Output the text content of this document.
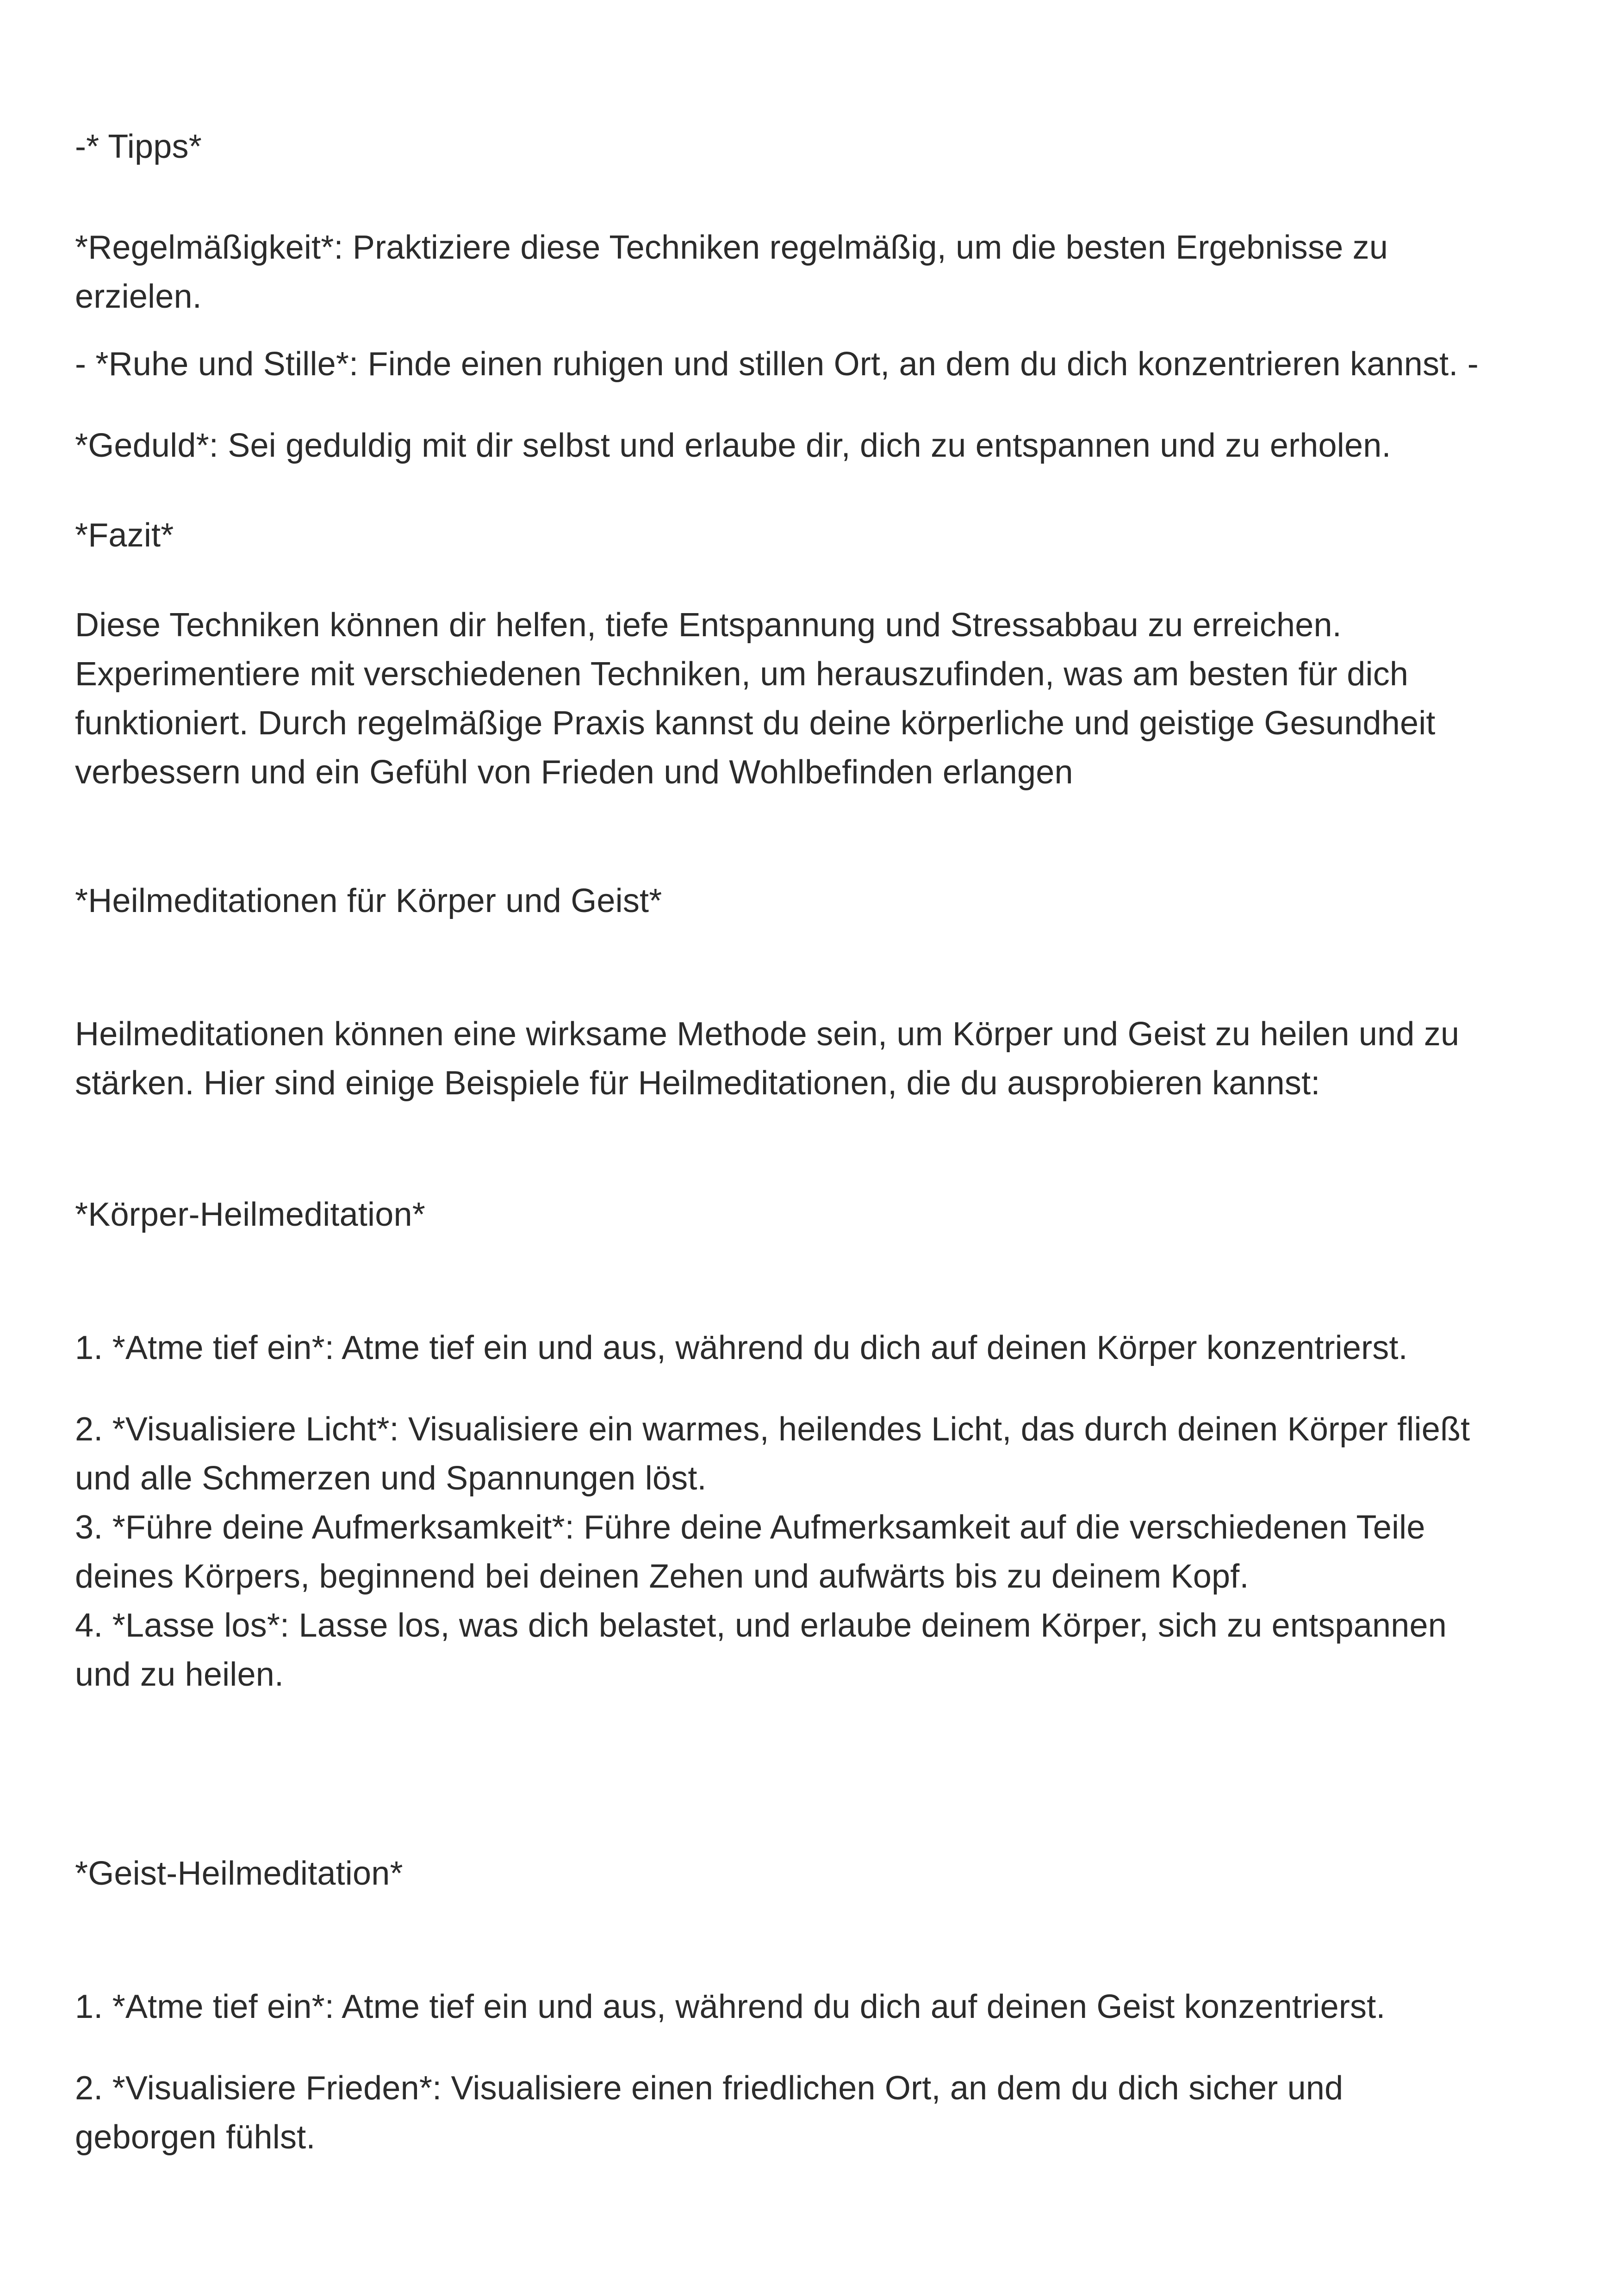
-* Tipps*

*Regelmäßigkeit*: Praktiziere diese Techniken regelmäßig, um die besten Ergebnisse zu

erzielen.

- *Ruhe und Stille*: Finde einen ruhigen und stillen Ort, an dem du dich konzentrieren kannst. -

*Geduld*: Sei geduldig mit dir selbst und erlaube dir, dich zu entspannen und zu erholen.

*Fazit*

Diese Techniken können dir helfen, tiefe Entspannung und Stressabbau zu erreichen.

Experimentiere mit verschiedenen Techniken, um herauszufinden, was am besten für dich

funktioniert. Durch regelmäßige Praxis kannst du deine körperliche und geistige Gesundheit

verbessern und ein Gefühl von Frieden und Wohlbefinden erlangen

*Heilmeditationen für Körper und Geist*

Heilmeditationen können eine wirksame Methode sein, um Körper und Geist zu heilen und zu

stärken. Hier sind einige Beispiele für Heilmeditationen, die du ausprobieren kannst:

*Körper-Heilmeditation*

1. *Atme tief ein*: Atme tief ein und aus, während du dich auf deinen Körper konzentrierst.

2. *Visualisiere Licht*: Visualisiere ein warmes, heilendes Licht, das durch deinen Körper fließt

und alle Schmerzen und Spannungen löst.

3. *Führe deine Aufmerksamkeit*: Führe deine Aufmerksamkeit auf die verschiedenen Teile

deines Körpers, beginnend bei deinen Zehen und aufwärts bis zu deinem Kopf.

4. *Lasse los*: Lasse los, was dich belastet, und erlaube deinem Körper, sich zu entspannen

und zu heilen.

*Geist-Heilmeditation*

1. *Atme tief ein*: Atme tief ein und aus, während du dich auf deinen Geist konzentrierst.

2. *Visualisiere Frieden*: Visualisiere einen friedlichen Ort, an dem du dich sicher und

geborgen fühlst.
